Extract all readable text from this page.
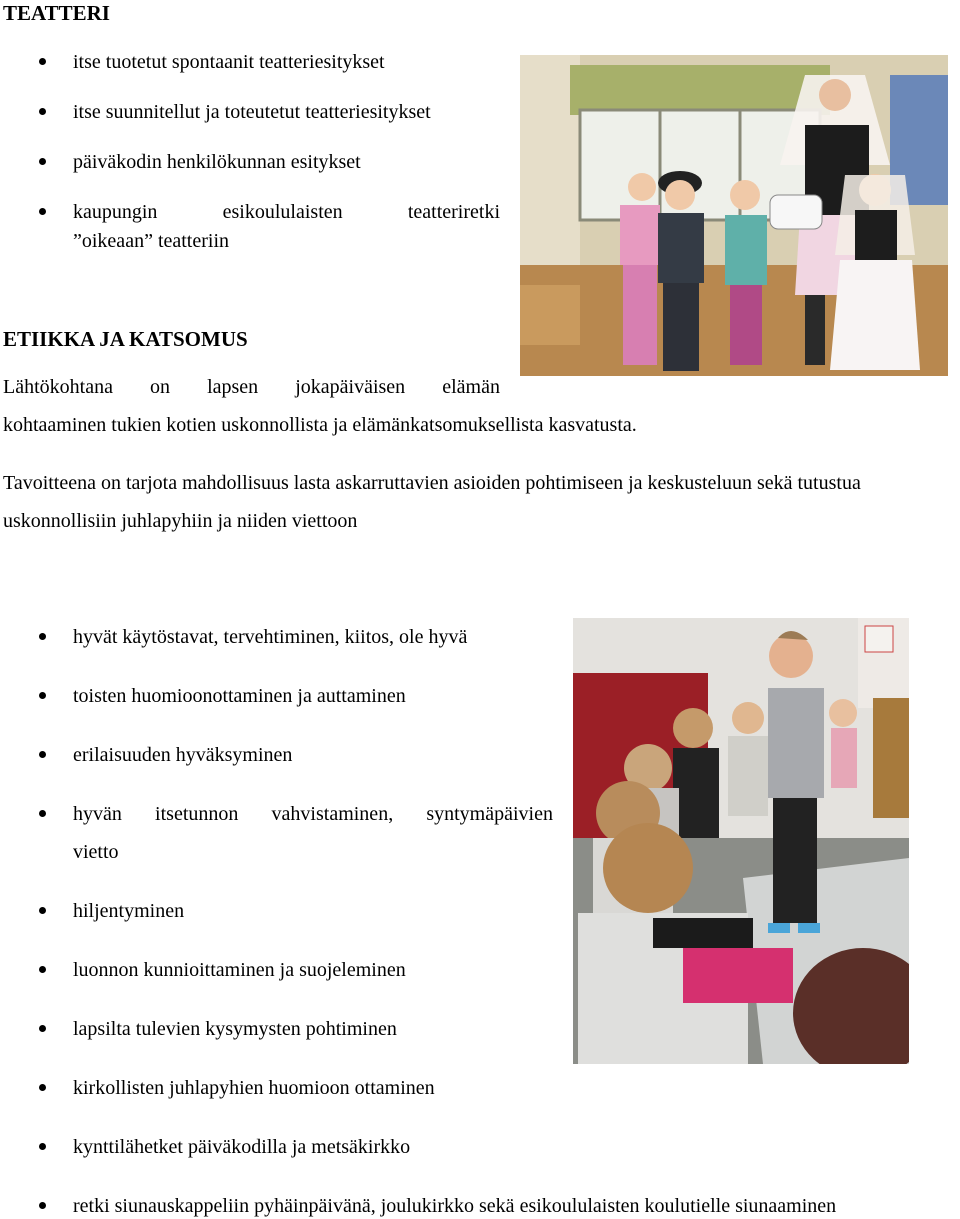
TEATTERI
itse tuotetut spontaanit teatteriesitykset
itse suunnitellut ja toteutetut teatteriesitykset
päiväkodin henkilökunnan esitykset
kaupungin	esikoululaisten	teatteriretki
”oikeaan” teatteriin
ETIIKKA JA KATSOMUS
Lähtökohtana on lapsen jokapäiväisen elämän
kohtaaminen tukien kotien uskonnollista ja elämänkatsomuksellista kasvatusta.
Tavoitteena on tarjota mahdollisuus lasta askarruttavien asioiden pohtimiseen ja keskusteluun sekä tutustua
uskonnollisiin juhlapyhiin ja niiden viettoon
hyvät käytöstavat, tervehtiminen, kiitos, ole hyvä
toisten huomioonottaminen ja auttaminen
erilaisuuden hyväksyminen
hyvän itsetunnon vahvistaminen, syntymäpäivien
vietto
hiljentyminen
luonnon kunnioittaminen ja suojeleminen
lapsilta tulevien kysymysten pohtiminen
kirkollisten juhlapyhien huomioon ottaminen
kynttilähetket päiväkodilla ja metsäkirkko
retki siunauskappeliin pyhäinpäivänä, joulukirkko sekä esikoululaisten koulutielle siunaaminen
